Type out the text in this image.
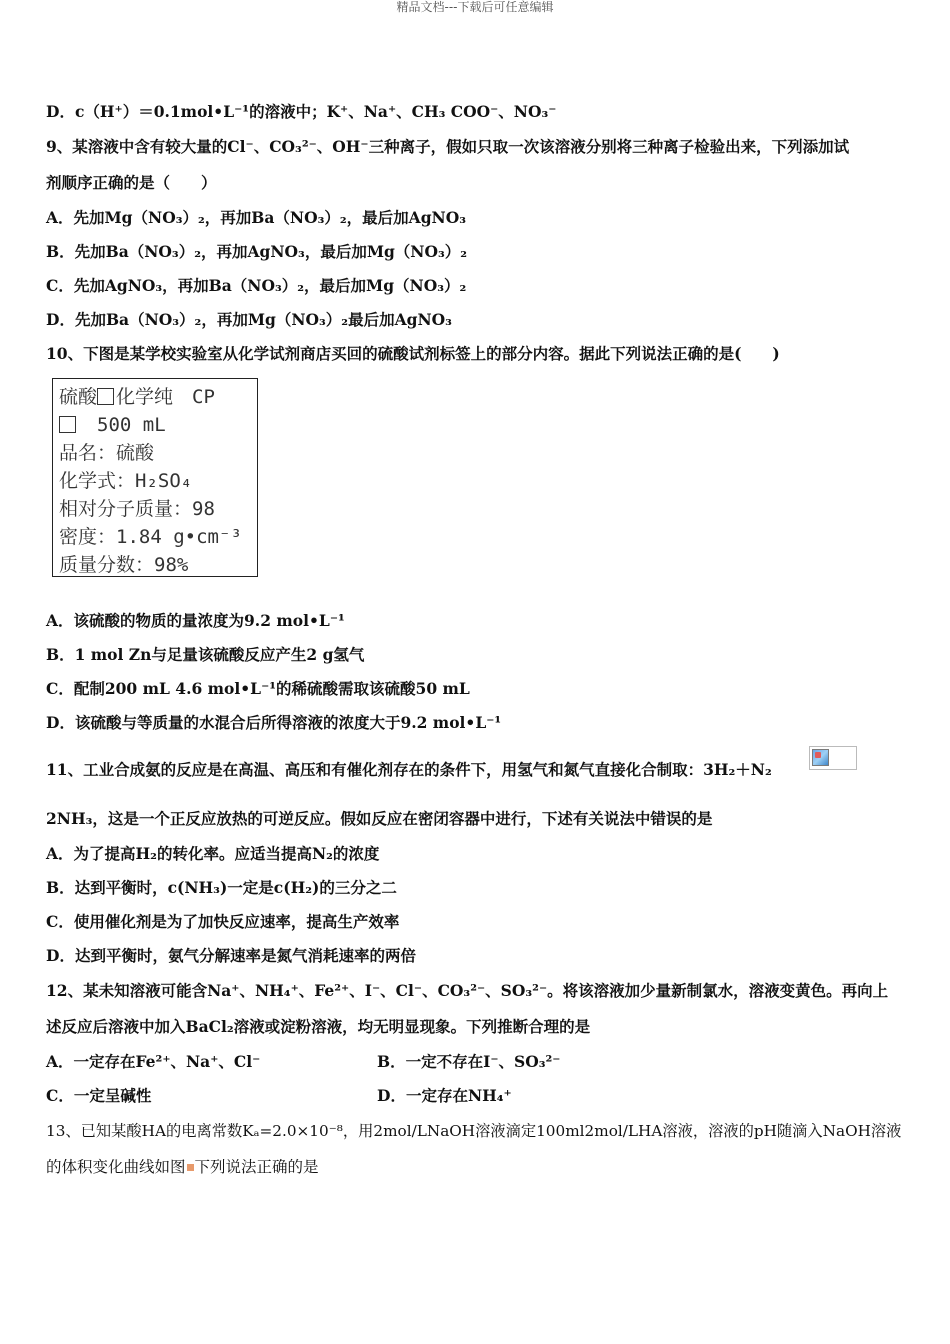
精品文档---下载后可任意编辑
D．c（H⁺）＝0.1mol•L⁻¹的溶液中；K⁺、Na⁺、CH₃ COO⁻、NO₃⁻
9、某溶液中含有较大量的Cl⁻、CO₃²⁻、OH⁻三种离子，假如只取一次该溶液分别将三种离子检验出来，下列添加试
剂顺序正确的是（　　）
A．先加Mg（NO₃）₂，再加Ba（NO₃）₂，最后加AgNO₃
B．先加Ba（NO₃）₂，再加AgNO₃，最后加Mg（NO₃）₂
C．先加AgNO₃，再加Ba（NO₃）₂，最后加Mg（NO₃）₂
D．先加Ba（NO₃）₂，再加Mg（NO₃）₂最后加AgNO₃
10、下图是某学校实验室从化学试剂商店买回的硫酸试剂标签上的部分内容。据此下列说法正确的是(　　)
硫酸 化学纯　CP
　500 mL
品名：硫酸
化学式：H₂SO₄
相对分子质量：98
密度：1.84 g•cm⁻³
质量分数：98%
A．该硫酸的物质的量浓度为9.2 mol•L⁻¹
B．1 mol Zn与足量该硫酸反应产生2 g氢气
C．配制200 mL 4.6 mol•L⁻¹的稀硫酸需取该硫酸50 mL
D．该硫酸与等质量的水混合后所得溶液的浓度大于9.2 mol•L⁻¹
11、工业合成氨的反应是在高温、高压和有催化剂存在的条件下，用氢气和氮气直接化合制取：3H₂＋N₂
2NH₃，这是一个正反应放热的可逆反应。假如反应在密闭容器中进行，下述有关说法中错误的是
A．为了提高H₂的转化率。应适当提高N₂的浓度
B．达到平衡时，c(NH₃)一定是c(H₂)的三分之二
C．使用催化剂是为了加快反应速率，提高生产效率
D．达到平衡时，氨气分解速率是氮气消耗速率的两倍
12、某未知溶液可能含Na⁺、NH₄⁺、Fe²⁺、I⁻、Cl⁻、CO₃²⁻、SO₃²⁻。将该溶液加少量新制氯水，溶液变黄色。再向上
述反应后溶液中加入BaCl₂溶液或淀粉溶液，均无明显现象。下列推断合理的是
A．一定存在Fe²⁺、Na⁺、Cl⁻	B．一定不存在I⁻、SO₃²⁻
C．一定呈碱性	D．一定存在NH₄⁺
13、已知某酸HA的电离常数Kₐ=2.0×10⁻⁸，用2mol/LNaOH溶液滴定100ml2mol/LHA溶液，溶液的pH随滴入NaOH溶液
的体积变化曲线如图 下列说法正确的是
